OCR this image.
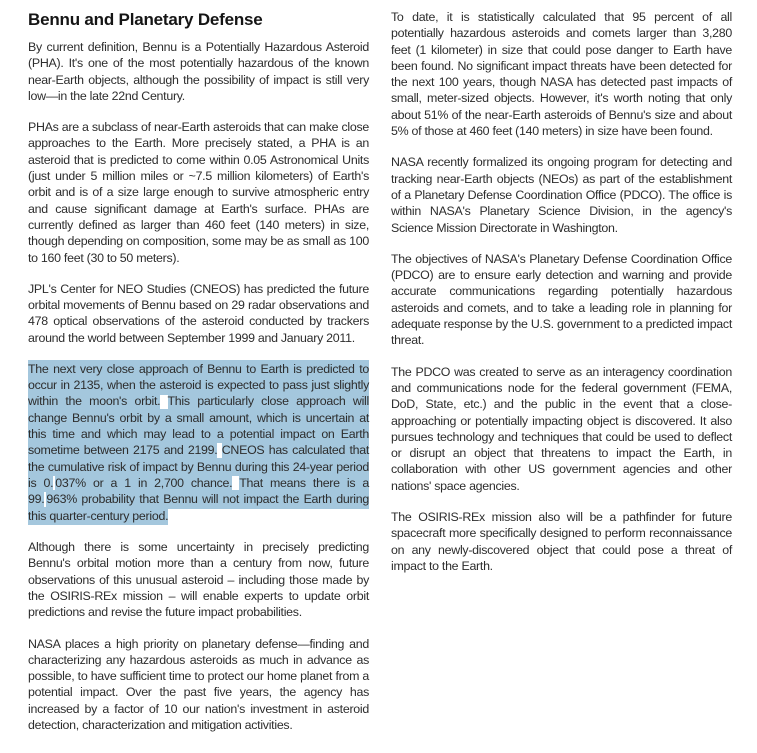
Bennu and Planetary Defense

By current definition, Bennu is a Potentially Hazardous Asteroid (PHA). It's one of the most potentially hazardous of the known near-Earth objects, although the possibility of impact is still very low—in the late 22nd Century.

PHAs are a subclass of near-Earth asteroids that can make close approaches to the Earth. More precisely stated, a PHA is an asteroid that is predicted to come within 0.05 Astronomical Units (just under 5 million miles or ~7.5 million kilometers) of Earth's orbit and is of a size large enough to survive atmospheric entry and cause significant damage at Earth's surface. PHAs are currently defined as larger than 460 feet (140 meters) in size, though depending on composition, some may be as small as 100 to 160 feet (30 to 50 meters).

JPL's Center for NEO Studies (CNEOS) has predicted the future orbital movements of Bennu based on 29 radar observations and 478 optical observations of the asteroid conducted by trackers around the world between September 1999 and January 2011.

The next very close approach of Bennu to Earth is predicted to occur in 2135, when the asteroid is expected to pass just slightly within the moon's orbit. This particularly close approach will change Bennu's orbit by a small amount, which is uncertain at this time and which may lead to a potential impact on Earth sometime between 2175 and 2199. CNEOS has calculated that the cumulative risk of impact by Bennu during this 24-year period is 0. 037% or a 1 in 2,700 chance. That means there is a 99. 963% probability that Bennu will not impact the Earth during this quarter-century period.

Although there is some uncertainty in precisely predicting Bennu's orbital motion more than a century from now, future observations of this unusual asteroid – including those made by the OSIRIS-REx mission – will enable experts to update orbit predictions and revise the future impact probabilities.

NASA places a high priority on planetary defense—finding and characterizing any hazardous asteroids as much in advance as possible, to have sufficient time to protect our home planet from a potential impact. Over the past five years, the agency has increased by a factor of 10 our nation's investment in asteroid detection, characterization and mitigation activities.

To date, it is statistically calculated that 95 percent of all potentially hazardous asteroids and comets larger than 3,280 feet (1 kilometer) in size that could pose danger to Earth have been found. No significant impact threats have been detected for the next 100 years, though NASA has detected past impacts of small, meter-sized objects. However, it's worth noting that only about 51% of the near-Earth asteroids of Bennu's size and about 5% of those at 460 feet (140 meters) in size have been found.

NASA recently formalized its ongoing program for detecting and tracking near-Earth objects (NEOs) as part of the establishment of a Planetary Defense Coordination Office (PDCO). The office is within NASA's Planetary Science Division, in the agency's Science Mission Directorate in Washington.

The objectives of NASA's Planetary Defense Coordination Office (PDCO) are to ensure early detection and warning and provide accurate communications regarding potentially hazardous asteroids and comets, and to take a leading role in planning for adequate response by the U.S. government to a predicted impact threat.

The PDCO was created to serve as an interagency coordination and communications node for the federal government (FEMA, DoD, State, etc.) and the public in the event that a close-approaching or potentially impacting object is discovered. It also pursues technology and techniques that could be used to deflect or disrupt an object that threatens to impact the Earth, in collaboration with other US government agencies and other nations' space agencies.

The OSIRIS-REx mission also will be a pathfinder for future spacecraft more specifically designed to perform reconnaissance on any newly-discovered object that could pose a threat of impact to the Earth.
